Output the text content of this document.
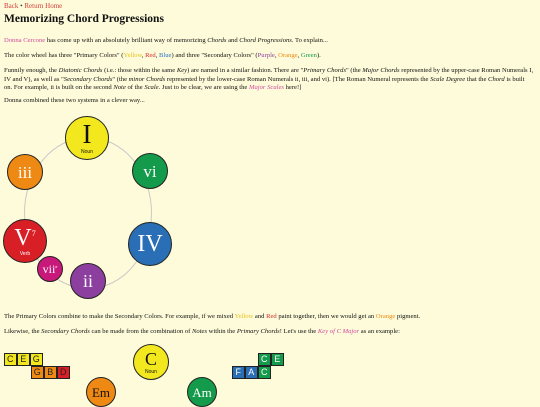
Back • Return Home
Memorizing Chord Progressions

Donna Cercone has come up with an absolutely brilliant way of memorizing Chords and Chord Progressions. To explain...

The color wheel has three "Primary Colors" (Yellow, Red, Blue) and three "Secondary Colors" (Purple, Orange, Green).

Funnily enough, the Diatonic Chords (i.e.: those within the same Key) are named in a similar fashion. There are "Primary Chords" (the Major Chords represented by the upper-case Roman Numerals I, IV and V), as well as "Secondary Chords" (the minor Chords represented by the lower-case Roman Numerals ii, iii, and vi). [The Roman Numeral represents the Scale Degree that the Chord is built on. For example, ii is built on the second Note of the Scale. Just to be clear, we are using the Major Scales here!]

Donna combined these two systems in a clever way...

I
Noun
vi
IV
ii
vii$^ø$
$V^7$
Verb
iii

The Primary Colors combine to make the Secondary Colors. For example, if we mixed Yellow and Red paint together, then we would get an Orange pigment.

Likewise, the Secondary Chords can be made from the combination of Notes within the Primary Chords! Let's use the Key of C Major as an example:

C E G
G B D
C
Noun
Em	Am
C E
F A C
